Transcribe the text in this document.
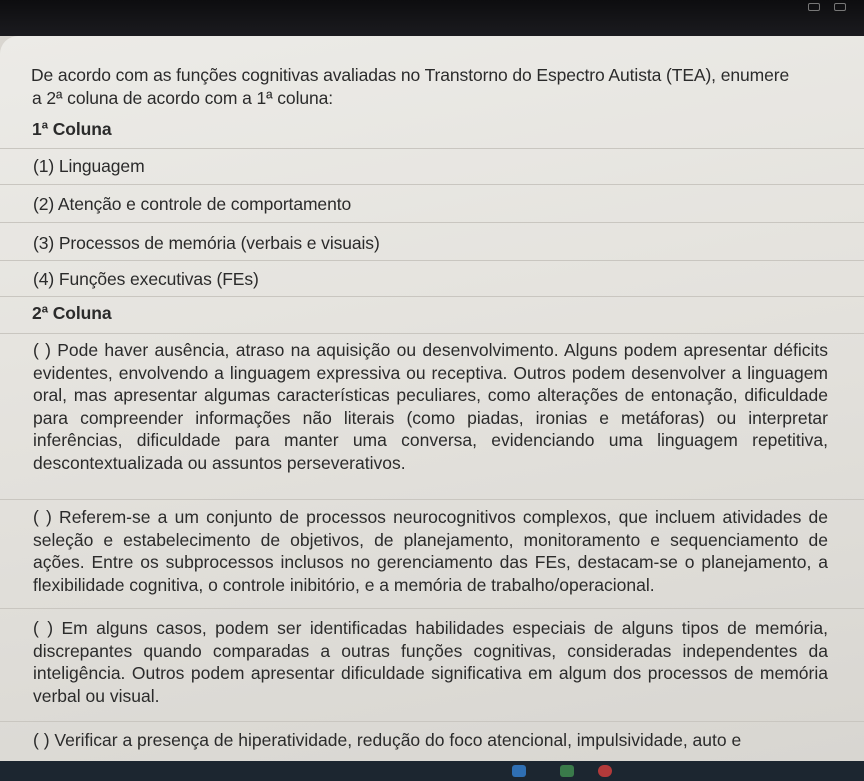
De acordo com as funções cognitivas avaliadas no Transtorno do Espectro Autista (TEA), enumere
a 2ª coluna de acordo com a 1ª coluna:
1ª Coluna
(1) Linguagem
(2) Atenção e controle de comportamento
(3) Processos de memória (verbais e visuais)
(4) Funções executivas (FEs)
2ª Coluna
( ) Pode haver ausência, atraso na aquisição ou desenvolvimento. Alguns podem apresentar déficits evidentes, envolvendo a linguagem expressiva ou receptiva. Outros podem desenvolver a linguagem oral, mas apresentar algumas características peculiares, como alterações de entonação, dificuldade para compreender informações não literais (como piadas, ironias e metáforas) ou interpretar inferências, dificuldade para manter uma conversa, evidenciando uma linguagem repetitiva, descontextualizada ou assuntos perseverativos.
( ) Referem-se a um conjunto de processos neurocognitivos complexos, que incluem atividades de seleção e estabelecimento de objetivos, de planejamento, monitoramento e sequenciamento de ações. Entre os subprocessos inclusos no gerenciamento das FEs, destacam-se o planejamento, a flexibilidade cognitiva, o controle inibitório, e a memória de trabalho/operacional.
( ) Em alguns casos, podem ser identificadas habilidades especiais de alguns tipos de memória, discrepantes quando comparadas a outras funções cognitivas, consideradas independentes da inteligência. Outros podem apresentar dificuldade significativa em algum dos processos de memória verbal ou visual.
( ) Verificar a presença de hiperatividade, redução do foco atencional, impulsividade, auto e
